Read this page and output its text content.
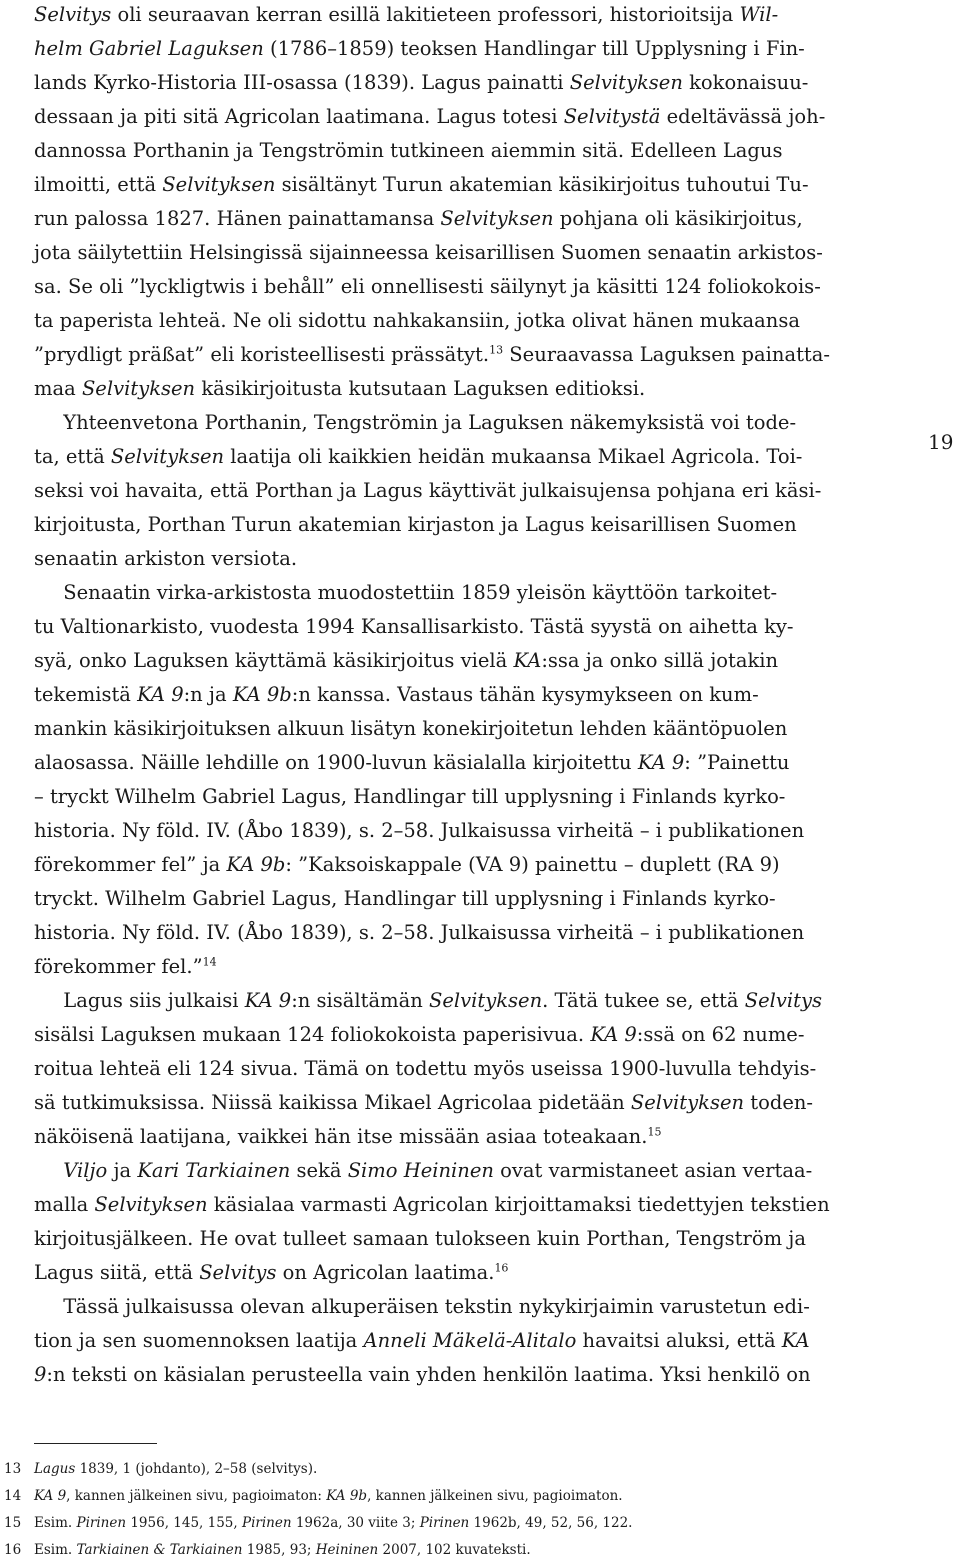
Selvitys oli seuraavan kerran esillä lakitieteen professori, historioitsija Wil-
helm Gabriel Laguksen (1786–1859) teoksen Handlingar till Upplysning i Fin-
lands Kyrko-Historia III-osassa (1839). Lagus painatti Selvityksen kokonaisuu-
dessaan ja piti sitä Agricolan laatimana. Lagus totesi Selvitystä edeltävässä joh-
dannossa Porthanin ja Tengströmin tutkineen aiemmin sitä. Edelleen Lagus
ilmoitti, että Selvityksen sisältänyt Turun akatemian käsikirjoitus tuhoutui Tu-
run palossa 1827. Hänen painattamansa Selvityksen pohjana oli käsikirjoitus,
jota säilytettiin Helsingissä sijainneessa keisarillisen Suomen senaatin arkistos-
sa. Se oli ”lyckligtwis i behåll” eli onnellisesti säilynyt ja käsitti 124 foliokokois-
ta paperista lehteä. Ne oli sidottu nahkakansiin, jotka olivat hänen mukaansa
”prydligt präßat” eli koristeellisesti prässätyt.$^{13}$ Seuraavassa Laguksen painatta-
maa Selvityksen käsikirjoitusta kutsutaan Laguksen editioksi.
  Yhteenvetona Porthanin, Tengströmin ja Laguksen näkemyksistä voi tode-
ta, että Selvityksen laatija oli kaikkien heidän mukaansa Mikael Agricola. Toi-
seksi voi havaita, että Porthan ja Lagus käyttivät julkaisujensa pohjana eri käsi-
kirjoitusta, Porthan Turun akatemian kirjaston ja Lagus keisarillisen Suomen
senaatin arkiston versiota.
  Senaatin virka-arkistosta muodostettiin 1859 yleisön käyttöön tarkoitet-
tu Valtionarkisto, vuodesta 1994 Kansallisarkisto. Tästä syystä on aihetta ky-
syä, onko Laguksen käyttämä käsikirjoitus vielä KA:ssa ja onko sillä jotakin
tekemistä KA 9:n ja KA 9b:n kanssa. Vastaus tähän kysymykseen on kum-
mankin käsikirjoituksen alkuun lisätyn konekirjoitetun lehden kääntöpuolen
alaosassa. Näille lehdille on 1900-luvun käsialalla kirjoitettu KA 9: ”Painettu
– tryckt Wilhelm Gabriel Lagus, Handlingar till upplysning i Finlands kyrko-
historia. Ny föld. IV. (Åbo 1839), s. 2–58. Julkaisussa virheitä – i publikationen
förekommer fel” ja KA 9b: ”Kaksoiskappale (VA 9) painettu – duplett (RA 9)
tryckt. Wilhelm Gabriel Lagus, Handlingar till upplysning i Finlands kyrko-
historia. Ny föld. IV. (Åbo 1839), s. 2–58. Julkaisussa virheitä – i publikationen
förekommer fel.”$^{14}$
  Lagus siis julkaisi KA 9:n sisältämän Selvityksen. Tätä tukee se, että Selvitys
sisälsi Laguksen mukaan 124 foliokokoista paperisivua. KA 9:ssä on 62 nume-
roitua lehteä eli 124 sivua. Tämä on todettu myös useissa 1900-luvulla tehdyis-
sä tutkimuksissa. Niissä kaikissa Mikael Agricolaa pidetään Selvityksen toden-
näköisenä laatijana, vaikkei hän itse missään asiaa toteakaan.$^{15}$
  Viljo ja Kari Tarkiainen sekä Simo Heininen ovat varmistaneet asian vertaa-
malla Selvityksen käsialaa varmasti Agricolan kirjoittamaksi tiedettyjen tekstien
kirjoitusjälkeen. He ovat tulleet samaan tulokseen kuin Porthan, Tengström ja
Lagus siitä, että Selvitys on Agricolan laatima.$^{16}$
  Tässä julkaisussa olevan alkuperäisen tekstin nykykirjaimin varustetun edi-
tion ja sen suomennoksen laatija Anneli Mäkelä-Alitalo havaitsi aluksi, että KA
9:n teksti on käsialan perusteella vain yhden henkilön laatima. Yksi henkilö on
19
13 Lagus 1839, 1 (johdanto), 2–58 (selvitys).
14 KA 9, kannen jälkeinen sivu, pagioimaton: KA 9b, kannen jälkeinen sivu, pagioimaton.
15 Esim. Pirinen 1956, 145, 155, Pirinen 1962a, 30 viite 3; Pirinen 1962b, 49, 52, 56, 122.
16 Esim. Tarkiainen & Tarkiainen 1985, 93; Heininen 2007, 102 kuvateksti.
